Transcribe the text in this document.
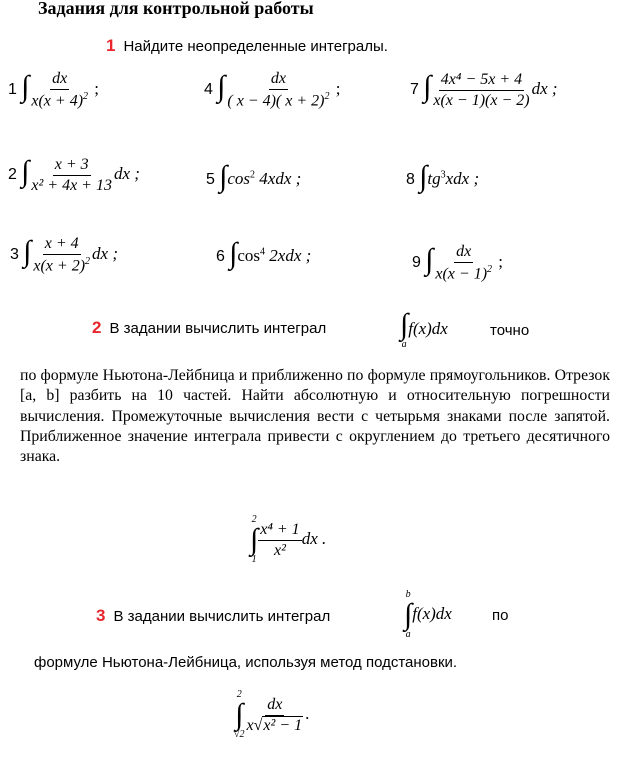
Задания для контрольной работы
1 Найдите неопределенные интегралы.
1 ∫ $\frac{dx}{x(x + 4)^2}$ ;
2 ∫ $\frac{x + 3}{\text{x² + 4x + 13}}$ dx ;
3 ∫ $\frac{x + 4}{x(x + 2)^2}$ dx ;
4 ∫ $\frac{dx}{( x - 4)( x + 2)^2}$ ;
5 $\int\cos^2$ 4xdx ;
6 $\int\cos^4$ 2xdx ;
7 ∫ $\frac{\text{4x⁴ − 5x + 4}}{x(x - 1)(x - 2)}$ dx ;
8 $\int tg^3xdx$ ;
9 ∫ $\frac{dx}{x(x - 1)^2}$ ;
2 В задании вычислить интеграл ∫
a
f(x)dx	точно
по формуле Ньютона-Лейбница и приближенно по формуле прямоугольников. Отрезок [a, b] разбить на 10 частей. Найти абсолютную и относительную погрешности вычисления. Промежуточные вычисления вести с четырьмя знаками после запятой. Приближенное значение интеграла привести с округлением до третьего десятичного знака.
2
∫
$1 \frac{\text{x⁴ + 1}}{\text{x²}}$ dx .
3 В задании вычислить интеграл
b
∫
a
f(x)dx	по
формуле Ньютона-Лейбница, используя метод подстановки.
2
∫
$√2 \frac{dx}{\text{x√x² − 1}}$ .
